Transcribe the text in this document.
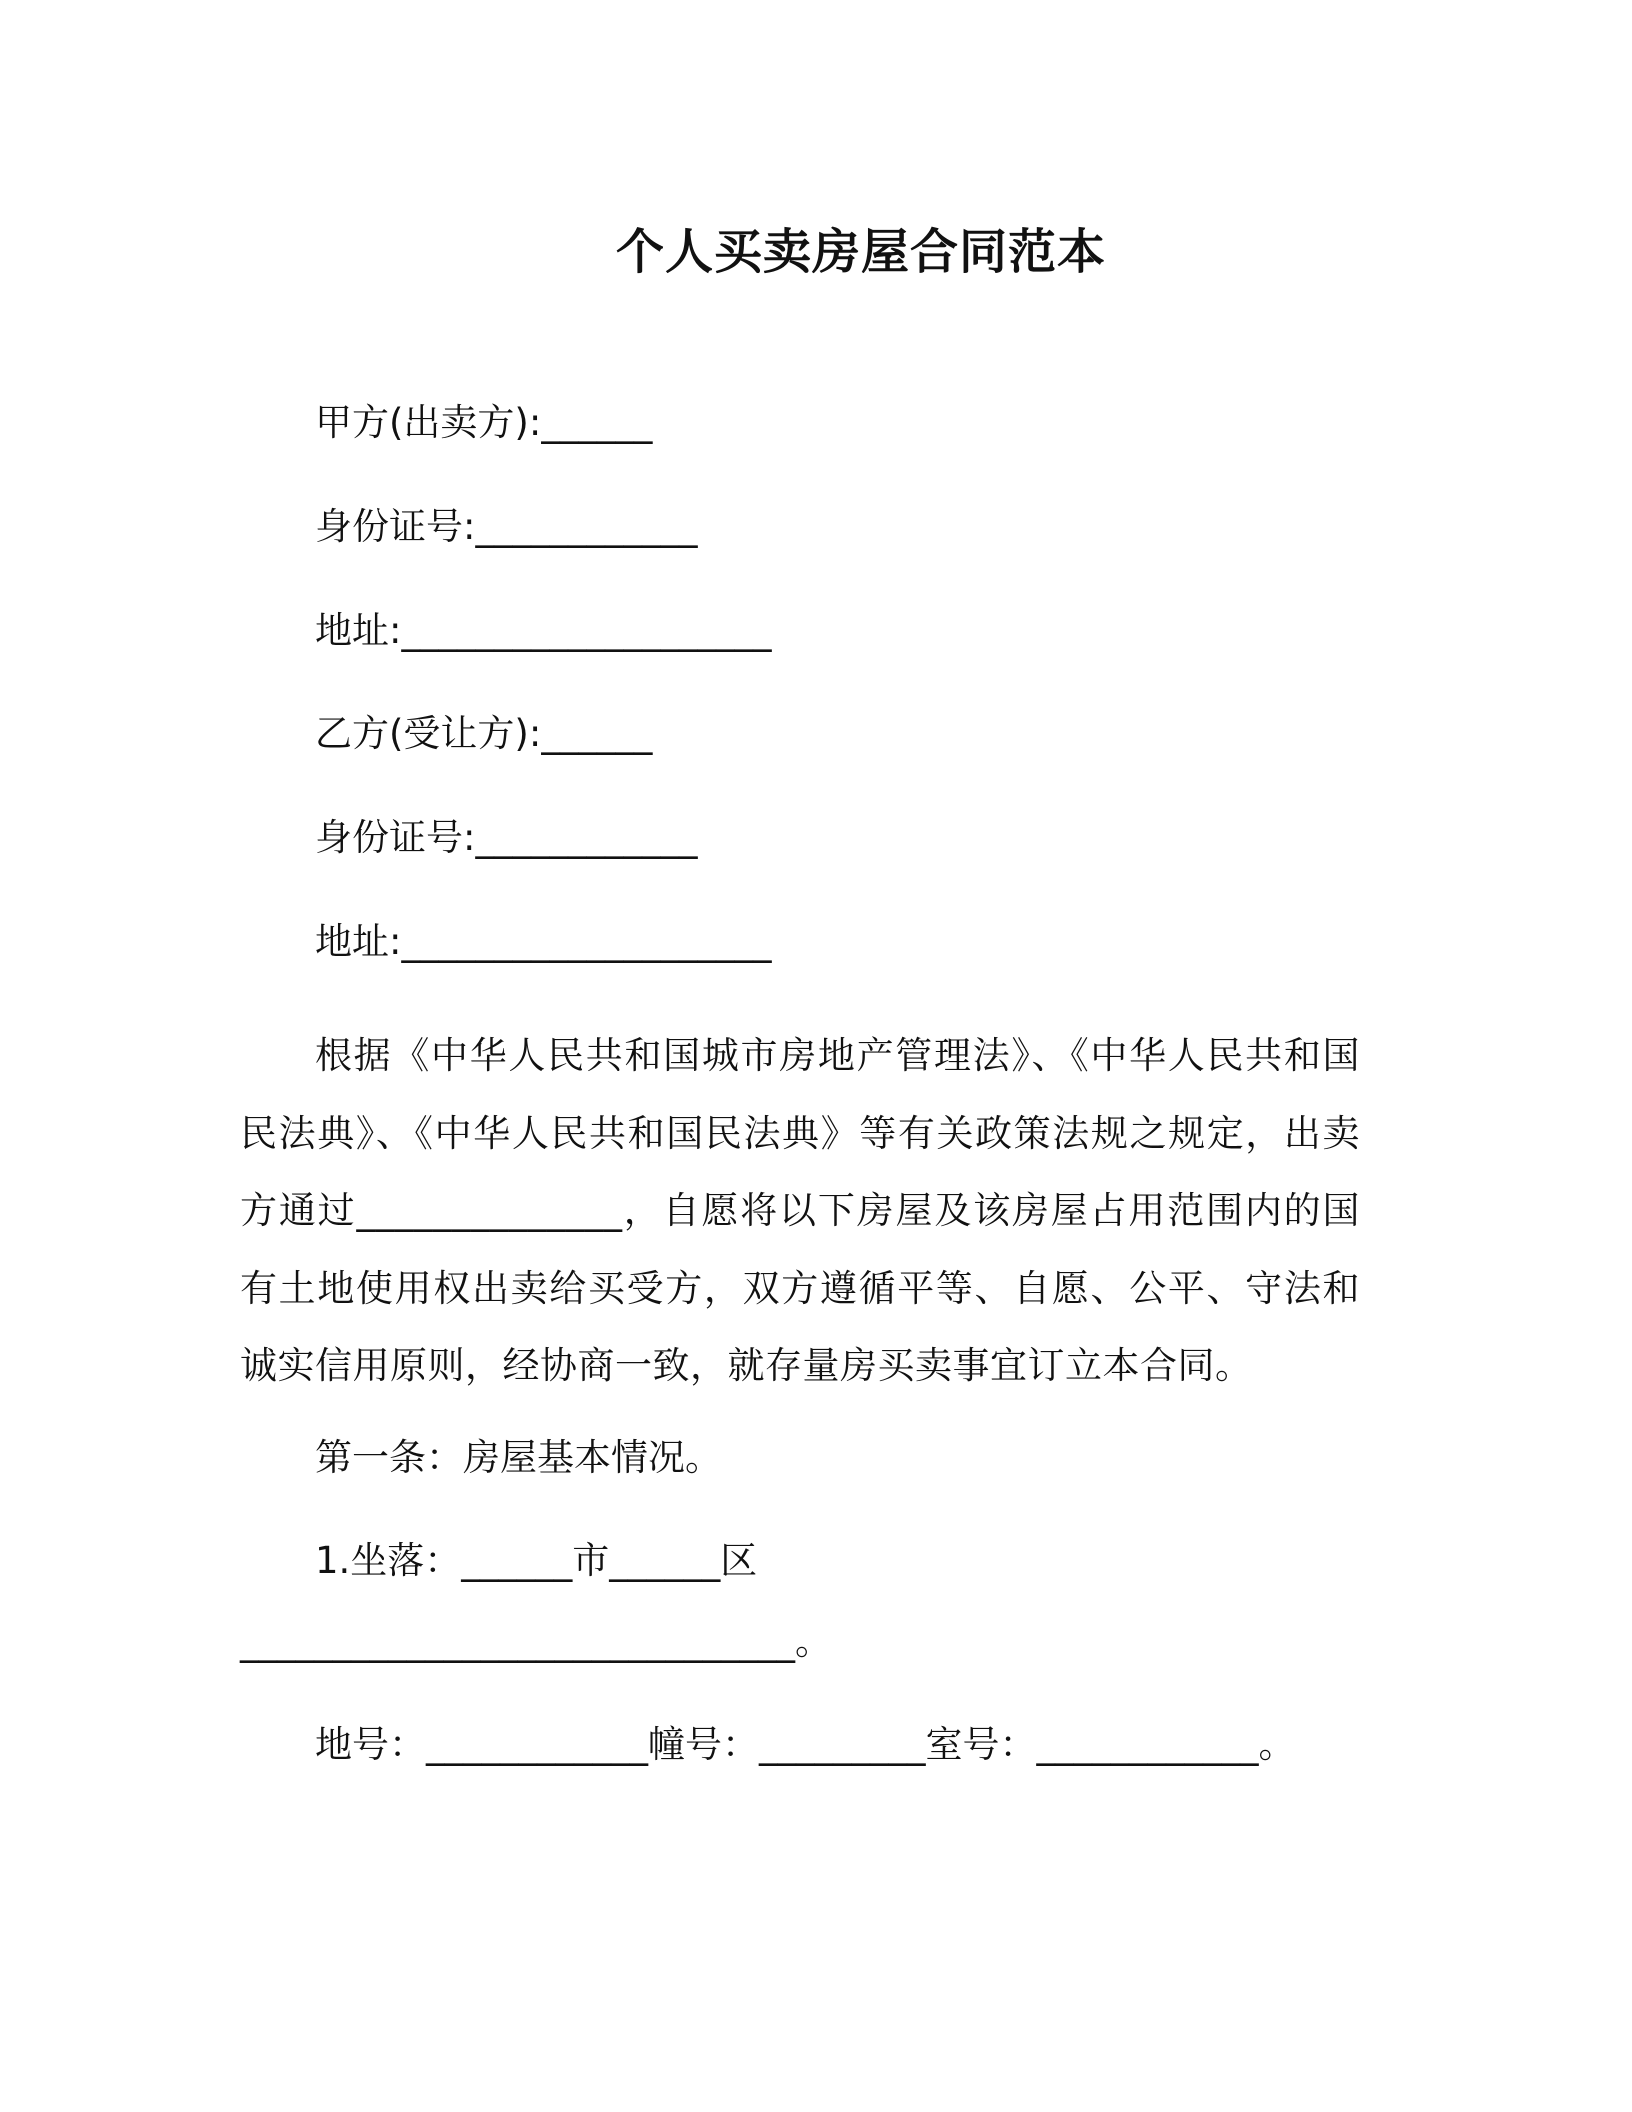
个人买卖房屋合同范本
甲方(出卖方):______
身份证号:____________
地址:____________________
乙方(受让方):______
身份证号:____________
地址:____________________
根据《中华人民共和国城市房地产管理法》、《中华人民共和国民法典》、《中华人民共和国民法典》等有关政策法规之规定，出卖方通过______________，自愿将以下房屋及该房屋占用范围内的国有土地使用权出卖给买受方，双方遵循平等、自愿、公平、守法和诚实信用原则，经协商一致，就存量房买卖事宜订立本合同。
第一条：房屋基本情况。
1.坐落：______市______区
______________________________。
地号：____________幢号：_________室号：____________。
